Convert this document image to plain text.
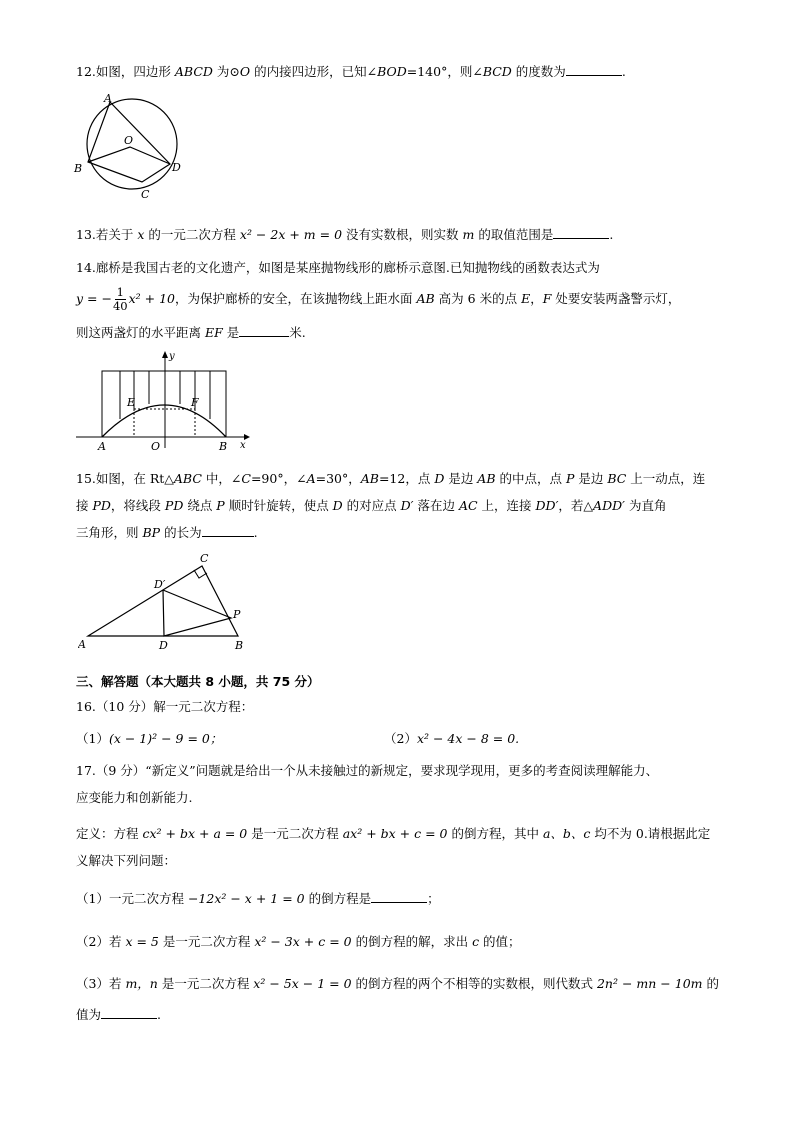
12.如图，四边形 ABCD 为⊙O 的内接四边形，已知∠BOD=140°，则∠BCD 的度数为	.
A
B
C
D
O
13.若关于 x 的一元二次方程 x² − 2x + m = 0 没有实数根，则实数 m 的取值范围是	.
14.廊桥是我国古老的文化遗产，如图是某座抛物线形的廊桥示意图.已知抛物线的函数表达式为
y = − $\frac{1}{40} x^2 + 10$，为保护廊桥的安全，在该抛物线上距水面 AB 高为 6 米的点 E，F 处要安装两盏警示灯，
则这两盏灯的水平距离 EF 是	米.
y
x
A	O	B
E	F
15.如图，在 Rt△ABC 中，∠C=90°，∠A=30°，AB=12，点 D 是边 AB 的中点，点 P 是边 BC 上一动点，连
接 PD，将线段 PD 绕点 P 顺时针旋转，使点 D 的对应点 D′ 落在边 AC 上，连接 DD′，若△ADD′ 为直角
三角形，则 BP 的长为	.
C
A	D	B
D′
P
三、解答题（本大题共 8 小题，共 75 分）
16.（10 分）解一元二次方程：
（1）(x − 1)² − 9 = 0；	（2）x² − 4x − 8 = 0.
17.（9 分）“新定义”问题就是给出一个从未接触过的新规定，要求现学现用，更多的考查阅读理解能力、
应变能力和创新能力.
定义：方程 cx² + bx + a = 0 是一元二次方程 ax² + bx + c = 0 的倒方程，其中 a、b、c 均不为 0.请根据此定
义解决下列问题：
（1）一元二次方程 −12x² − x + 1 = 0 的倒方程是	；
（2）若 x = 5 是一元二次方程 x² − 3x + c = 0 的倒方程的解，求出 c 的值；
（3）若 m，n 是一元二次方程 x² − 5x − 1 = 0 的倒方程的两个不相等的实数根，则代数式 2n² − mn − 10m 的
值为	.
